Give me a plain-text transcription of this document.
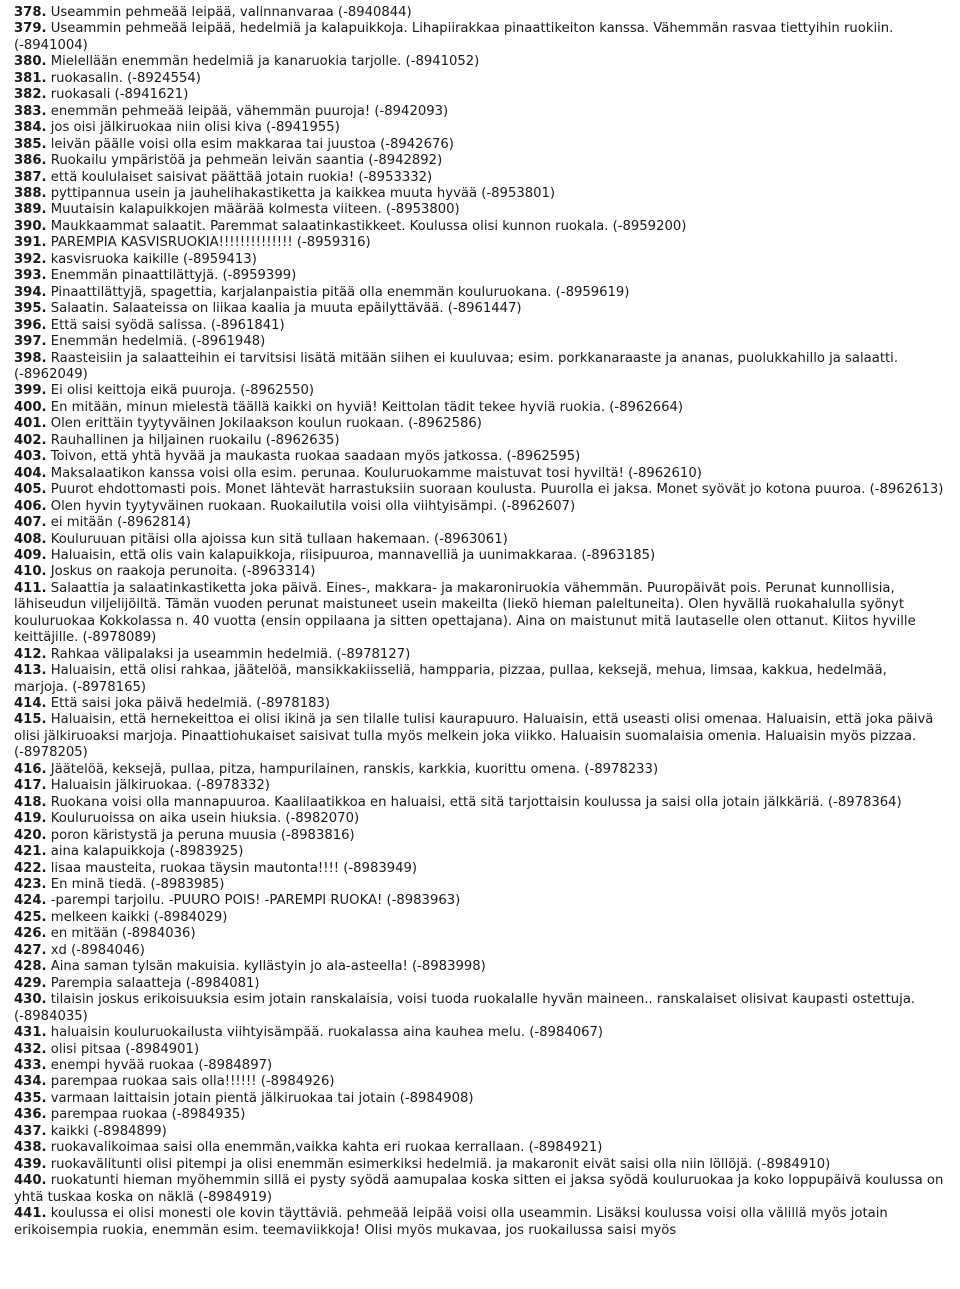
378. Useammin pehmeää leipää, valinnanvaraa (-8940844)

379. Useammin pehmeää leipää, hedelmiä ja kalapuikkoja. Lihapiirakkaa pinaattikeiton kanssa. Vähemmän rasvaa tiettyihin ruokiin. (-8941004)

380. Mielellään enemmän hedelmiä ja kanaruokia tarjolle. (-8941052)

381. ruokasalin. (-8924554)

382. ruokasali (-8941621)

383. enemmän pehmeää leipää, vähemmän puuroja! (-8942093)

384. jos oisi jälkiruokaa niin olisi kiva (-8941955)

385. leivän päälle voisi olla esim makkaraa tai juustoa (-8942676)

386. Ruokailu ympäristöä ja pehmeän leivän saantia (-8942892)

387. että koululaiset saisivat päättää jotain ruokia! (-8953332)

388. pyttipannua usein ja jauhelihakastiketta ja kaikkea muuta hyvää (-8953801)

389. Muutaisin kalapuikkojen määrää kolmesta viiteen. (-8953800)

390. Maukkaammat salaatit. Paremmat salaatinkastikkeet. Koulussa olisi kunnon ruokala. (-8959200)

391. PAREMPIA KASVISRUOKIA!!!!!!!!!!!!!! (-8959316)

392. kasvisruoka kaikille (-8959413)

393. Enemmän pinaattilättyjä. (-8959399)

394. Pinaattilättyjä, spagettia, karjalanpaistia pitää olla enemmän kouluruokana. (-8959619)

395. Salaatin. Salaateissa on liikaa kaalia ja muuta epäilyttävää. (-8961447)

396. Että saisi syödä salissa. (-8961841)

397. Enemmän hedelmiä. (-8961948)

398. Raasteisiin ja salaatteihin ei tarvitsisi lisätä mitään siihen ei kuuluvaa; esim. porkkanaraaste ja ananas, puolukkahillo ja salaatti. (-8962049)

399. Ei olisi keittoja eikä puuroja. (-8962550)

400. En mitään, minun mielestä täällä kaikki on hyviä! Keittolan tädit tekee hyviä ruokia. (-8962664)

401. Olen erittäin tyytyväinen Jokilaakson koulun ruokaan. (-8962586)

402. Rauhallinen ja hiljainen ruokailu (-8962635)

403. Toivon, että yhtä hyvää ja maukasta ruokaa saadaan myös jatkossa. (-8962595)

404. Maksalaatikon kanssa voisi olla esim. perunaa. Kouluruokamme maistuvat tosi hyviltä! (-8962610)

405. Puurot ehdottomasti pois. Monet lähtevät harrastuksiin suoraan koulusta. Puurolla ei jaksa. Monet syövät jo kotona puuroa. (-8962613)

406. Olen hyvin tyytyväinen ruokaan. Ruokailutila voisi olla viihtyisämpi. (-8962607)

407. ei mitään (-8962814)

408. Kouluruuan pitäisi olla ajoissa kun sitä tullaan hakemaan. (-8963061)

409. Haluaisin, että olis vain kalapuikkoja, riisipuuroa, mannavelliä ja uunimakkaraa. (-8963185)

410. Joskus on raakoja perunoita. (-8963314)

411. Salaattia ja salaatinkastiketta joka päivä. Eines-, makkara- ja makaroniruokia vähemmän. Puuropäivät pois. Perunat kunnollisia, lähiseudun viljelijöiltä. Tämän vuoden perunat maistuneet usein makeilta (liekö hieman paleltuneita). Olen hyvällä ruokahalulla syönyt kouluruokaa Kokkolassa n. 40 vuotta (ensin oppilaana ja sitten opettajana). Aina on maistunut mitä lautaselle olen ottanut. Kiitos hyville keittäjille. (-8978089)

412. Rahkaa välipalaksi ja useammin hedelmiä. (-8978127)

413. Haluaisin, että olisi rahkaa, jäätelöä, mansikkakiisseliä, hampparia, pizzaa, pullaa, keksejä, mehua, limsaa, kakkua, hedelmää, marjoja. (-8978165)

414. Että saisi joka päivä hedelmiä. (-8978183)

415. Haluaisin, että hernekeittoa ei olisi ikinä ja sen tilalle tulisi kaurapuuro. Haluaisin, että useasti olisi omenaa. Haluaisin, että joka päivä olisi jälkiruoaksi marjoja. Pinaattiohukaiset saisivat tulla myös melkein joka viikko. Haluaisin suomalaisia omenia. Haluaisin myös pizzaa. (-8978205)

416. Jäätelöä, keksejä, pullaa, pitza, hampurilainen, ranskis, karkkia, kuorittu omena. (-8978233)

417. Haluaisin jälkiruokaa. (-8978332)

418. Ruokana voisi olla mannapuuroa. Kaalilaatikkoa en haluaisi, että sitä tarjottaisin koulussa ja saisi olla jotain jälkkäriä. (-8978364)

419. Kouluruoissa on aika usein hiuksia. (-8982070)

420. poron käristystä ja peruna muusia (-8983816)

421. aina kalapuikkoja (-8983925)

422. lisaa mausteita, ruokaa täysin mautonta!!!! (-8983949)

423. En minä tiedä. (-8983985)

424. -parempi tarjoilu. -PUURO POIS! -PAREMPI RUOKA! (-8983963)

425. melkeen kaikki (-8984029)

426. en mitään (-8984036)

427. xd (-8984046)

428. Aina saman tylsän makuisia. kyllästyin jo ala-asteella! (-8983998)

429. Parempia salaatteja (-8984081)

430. tilaisin joskus erikoisuuksia esim jotain ranskalaisia, voisi tuoda ruokalalle hyvän maineen.. ranskalaiset olisivat kaupasti ostettuja. (-8984035)

431. haluaisin kouluruokailusta viihtyisämpää. ruokalassa aina kauhea melu. (-8984067)

432. olisi pitsaa (-8984901)

433. enempi hyvää ruokaa (-8984897)

434. parempaa ruokaa sais olla!!!!!! (-8984926)

435. varmaan laittaisin jotain pientä jälkiruokaa tai jotain (-8984908)

436. parempaa ruokaa (-8984935)

437. kaikki (-8984899)

438. ruokavalikoimaa saisi olla enemmän,vaikka kahta eri ruokaa kerrallaan. (-8984921)

439. ruokavälitunti olisi pitempi ja olisi enemmän esimerkiksi hedelmiä. ja makaronit eivät saisi olla niin löllöjä. (-8984910)

440. ruokatunti hieman myöhemmin sillä ei pysty syödä aamupalaa koska sitten ei jaksa syödä kouluruokaa ja koko loppupäivä koulussa on yhtä tuskaa koska on näklä (-8984919)

441. koulussa ei olisi monesti ole kovin täyttäviä. pehmeää leipää voisi olla useammin. Lisäksi koulussa voisi olla välillä myös jotain erikoisempia ruokia, enemmän esim. teemaviikkoja! Olisi myös mukavaa, jos ruokailussa saisi myös
